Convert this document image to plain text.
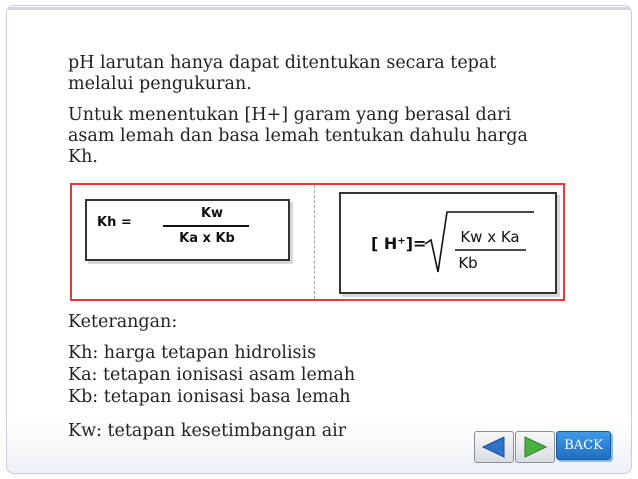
pH larutan hanya dapat ditentukan secara tepat
melalui pengukuran.
Untuk menentukan [H+] garam yang berasal dari
asam lemah dan basa lemah tentukan dahulu harga
Kh.
Kh =
Kw
Ka x Kb	[ H⁺]=	Kw x Ka
Kb
Keterangan:
Kh: harga tetapan hidrolisis
Ka: tetapan ionisasi asam lemah
Kb: tetapan ionisasi basa lemah
Kw: tetapan kesetimbangan air
BACK
